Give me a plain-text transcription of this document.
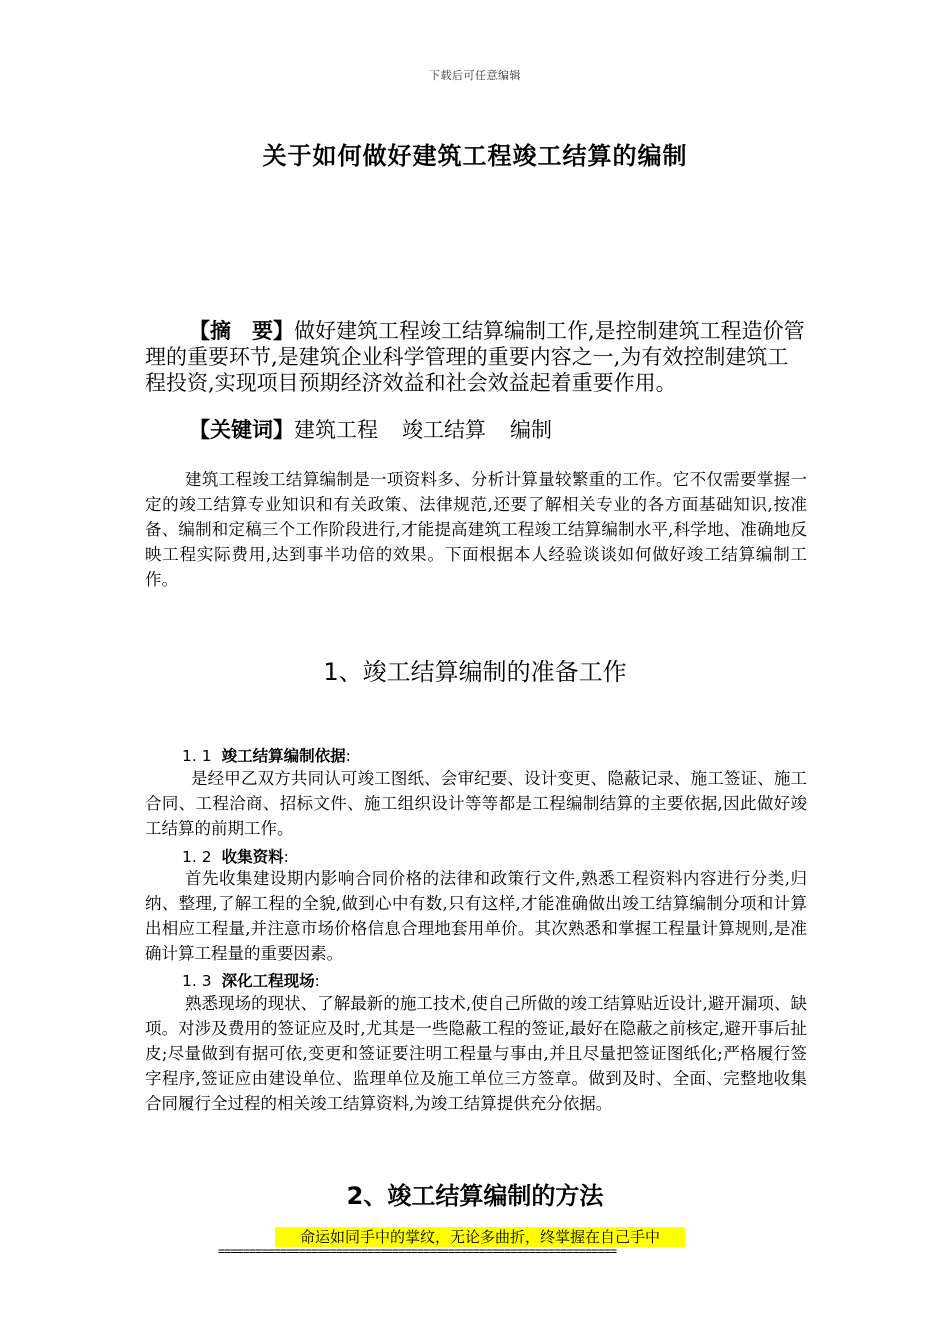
下载后可任意编辑
关于如何做好建筑工程竣工结算的编制
【摘　要】做好建筑工程竣工结算编制工作,是控制建筑工程造价管理的重要环节,是建筑企业科学管理的重要内容之一,为有效控制建筑工程投资,实现项目预期经济效益和社会效益起着重要作用。
【关键词】建筑工程 竣工结算 编制
建筑工程竣工结算编制是一项资料多、分析计算量较繁重的工作。它不仅需要掌握一定的竣工结算专业知识和有关政策、法律规范,还要了解相关专业的各方面基础知识,按准备、编制和定稿三个工作阶段进行,才能提高建筑工程竣工结算编制水平,科学地、准确地反映工程实际费用,达到事半功倍的效果。下面根据本人经验谈谈如何做好竣工结算编制工作。
1、竣工结算编制的准备工作
1. 1 竣工结算编制依据:
是经甲乙双方共同认可竣工图纸、会审纪要、设计变更、隐蔽记录、施工签证、施工合同、工程洽商、招标文件、施工组织设计等等都是工程编制结算的主要依据,因此做好竣工结算的前期工作。
1. 2 收集资料:
首先收集建设期内影响合同价格的法律和政策行文件,熟悉工程资料内容进行分类,归纳、整理,了解工程的全貌,做到心中有数,只有这样,才能准确做出竣工结算编制分项和计算出相应工程量,并注意市场价格信息合理地套用单价。其次熟悉和掌握工程量计算规则,是准确计算工程量的重要因素。
1. 3 深化工程现场:
熟悉现场的现状、了解最新的施工技术,使自己所做的竣工结算贴近设计,避开漏项、缺项。对涉及费用的签证应及时,尤其是一些隐蔽工程的签证,最好在隐蔽之前核定,避开事后扯皮;尽量做到有据可依,变更和签证要注明工程量与事由,并且尽量把签证图纸化;严格履行签字程序,签证应由建设单位、监理单位及施工单位三方签章。做到及时、全面、完整地收集合同履行全过程的相关竣工结算资料,为竣工结算提供充分依据。
2、竣工结算编制的方法
命运如同手中的掌纹，无论多曲折，终掌握在自己手中
================================================================
